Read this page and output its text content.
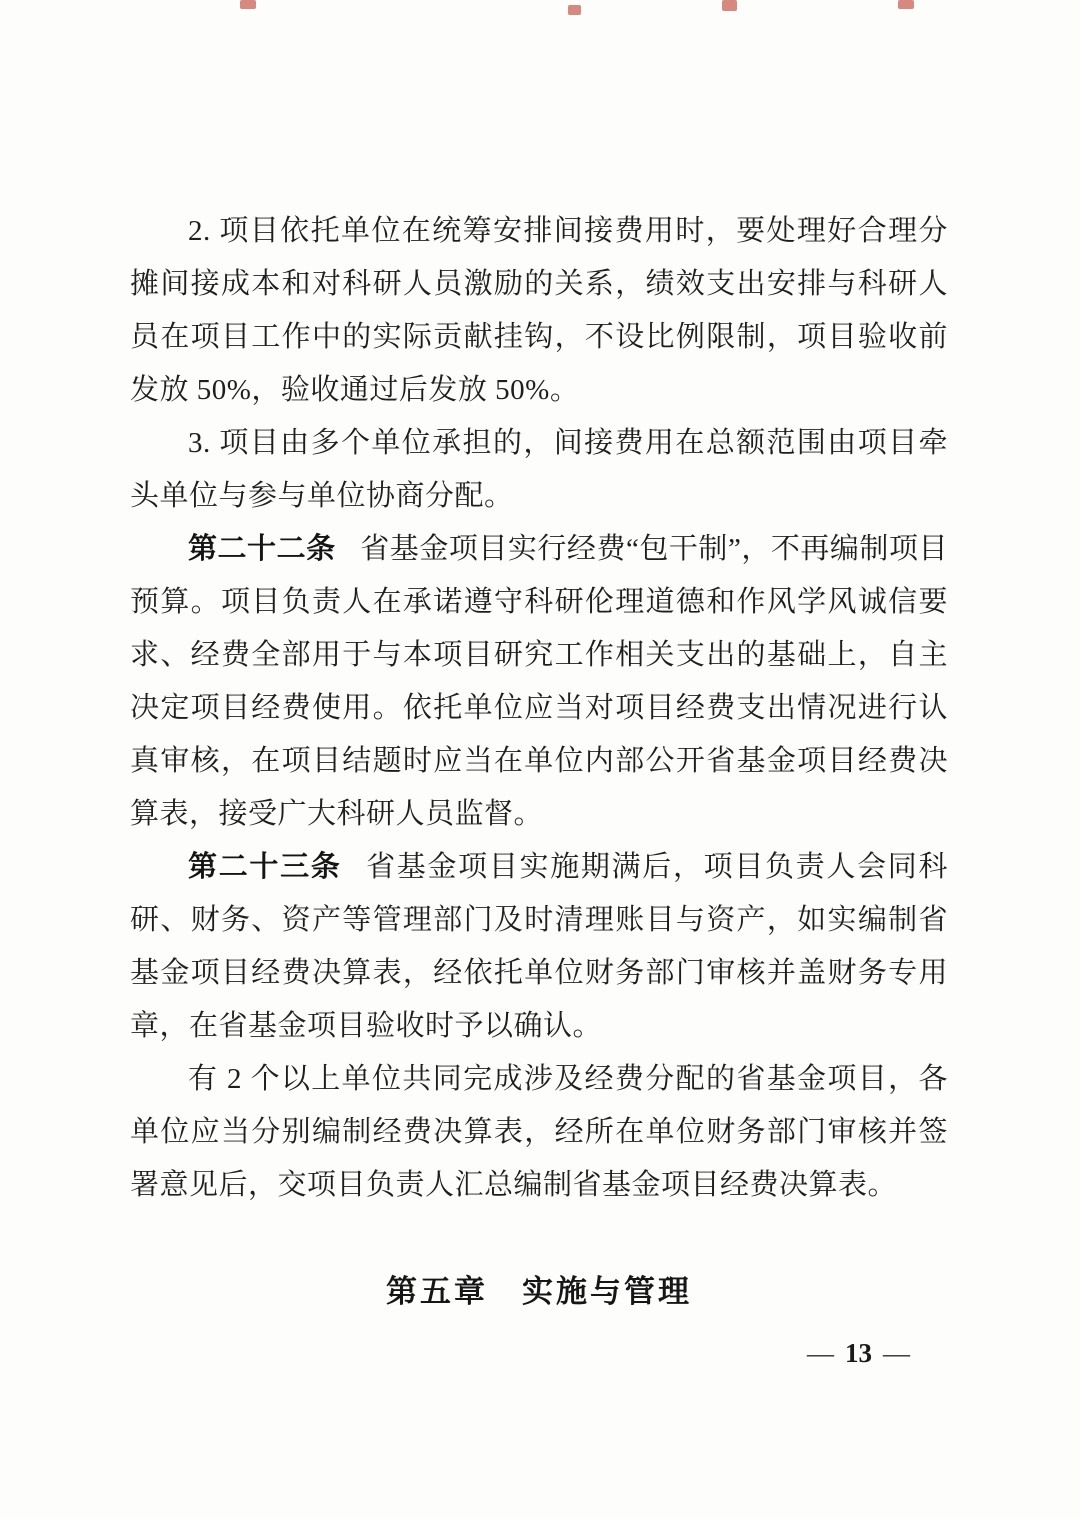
2. 项目依托单位在统筹安排间接费用时，要处理好合理分摊间接成本和对科研人员激励的关系，绩效支出安排与科研人员在项目工作中的实际贡献挂钩，不设比例限制，项目验收前发放 50%，验收通过后发放 50%。

3. 项目由多个单位承担的，间接费用在总额范围由项目牵头单位与参与单位协商分配。

第二十二条 省基金项目实行经费“包干制”，不再编制项目预算。项目负责人在承诺遵守科研伦理道德和作风学风诚信要求、经费全部用于与本项目研究工作相关支出的基础上，自主决定项目经费使用。依托单位应当对项目经费支出情况进行认真审核，在项目结题时应当在单位内部公开省基金项目经费决算表，接受广大科研人员监督。

第二十三条 省基金项目实施期满后，项目负责人会同科研、财务、资产等管理部门及时清理账目与资产，如实编制省基金项目经费决算表，经依托单位财务部门审核并盖财务专用章，在省基金项目验收时予以确认。

有 2 个以上单位共同完成涉及经费分配的省基金项目，各单位应当分别编制经费决算表，经所在单位财务部门审核并签署意见后，交项目负责人汇总编制省基金项目经费决算表。

第五章　实施与管理
— 13 —
